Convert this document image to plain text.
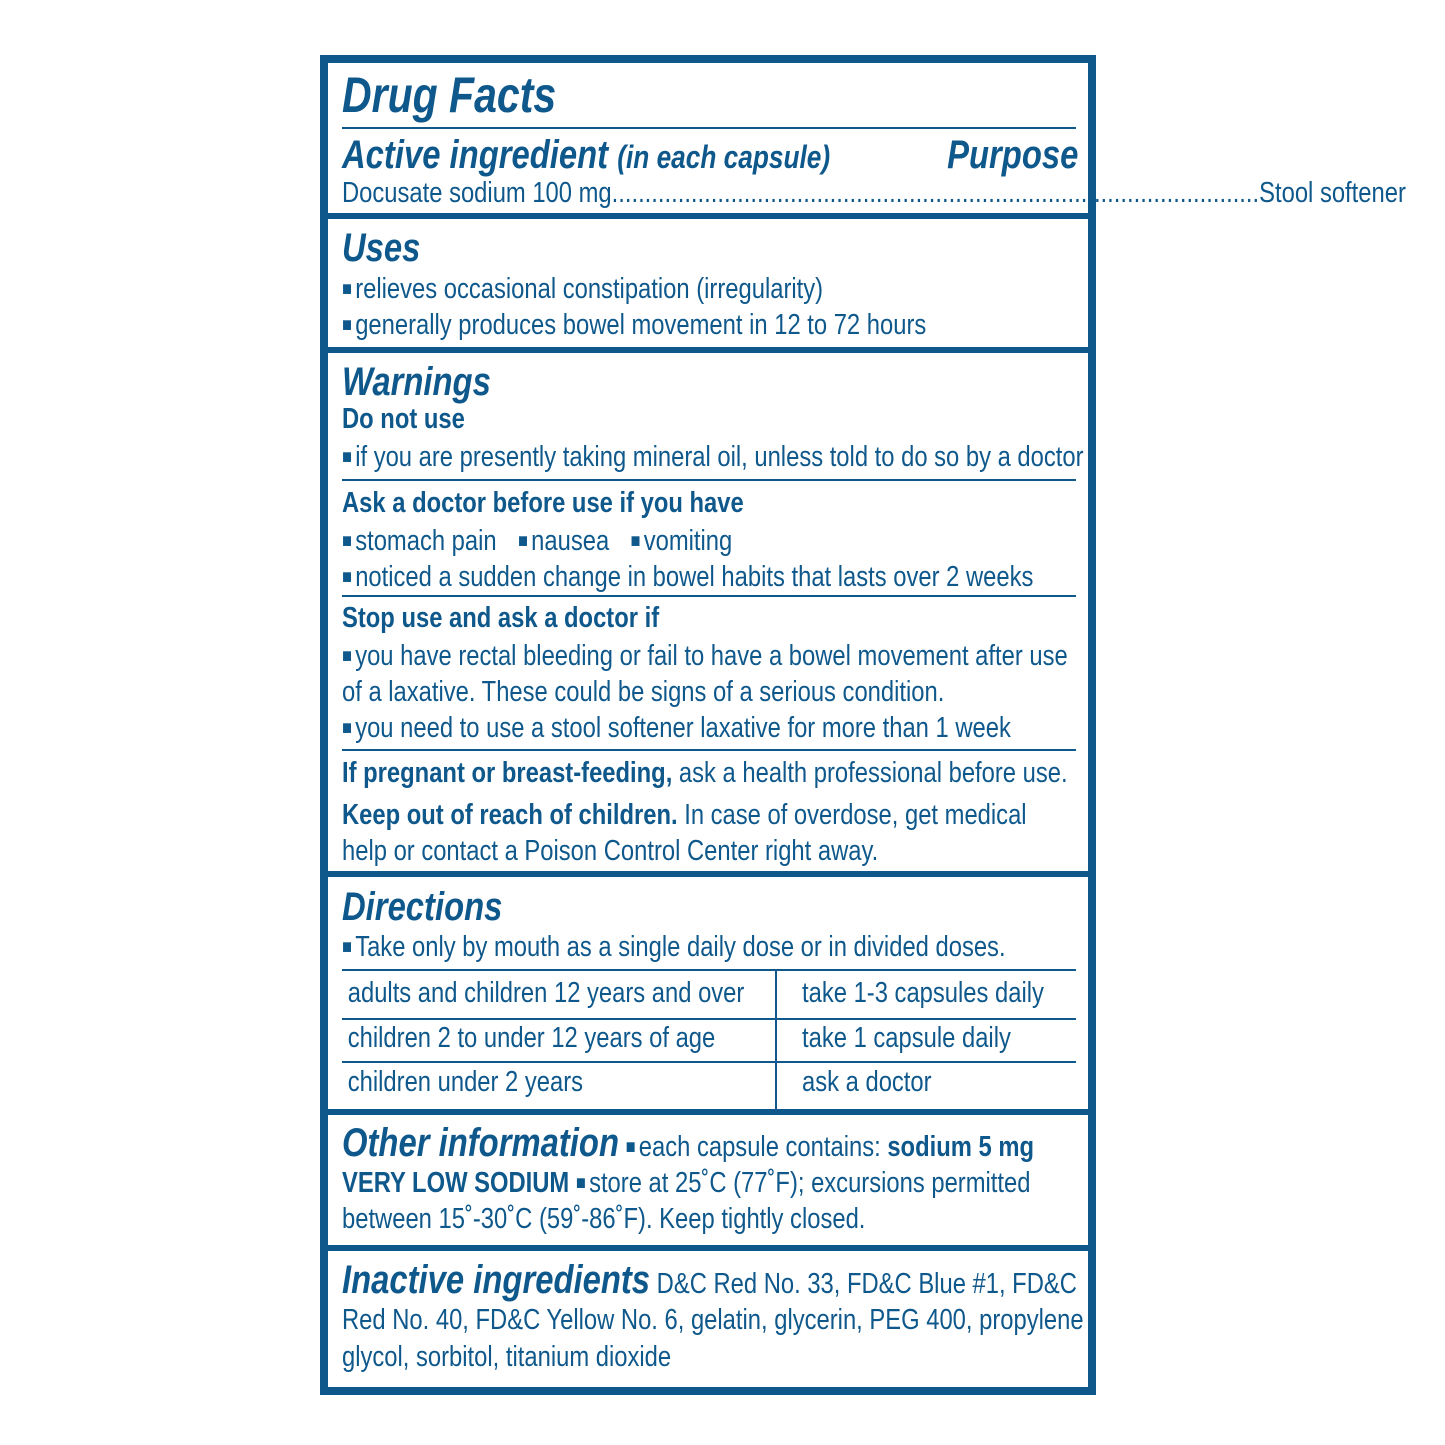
Drug Facts
Active ingredient (in each capsule)	Purpose
Docusate sodium 100 mg .................................................................................................. Stool softener
Uses
■ relieves occasional constipation (irregularity)
■ generally produces bowel movement in 12 to 72 hours
Warnings
Do not use
■ if you are presently taking mineral oil, unless told to do so by a doctor
Ask a doctor before use if you have
■ stomach pain ■ nausea ■ vomiting
■ noticed a sudden change in bowel habits that lasts over 2 weeks
Stop use and ask a doctor if
■ you have rectal bleeding or fail to have a bowel movement after use
of a laxative. These could be signs of a serious condition.
■ you need to use a stool softener laxative for more than 1 week
If pregnant or breast-feeding, ask a health professional before use.
Keep out of reach of children. In case of overdose, get medical
help or contact a Poison Control Center right away.
Directions
■ Take only by mouth as a single daily dose or in divided doses.
adults and children 12 years and over take 1-3 capsules daily
children 2 to under 12 years of age	take 1 capsule daily
children under 2 years	ask a doctor
Other information ■ each capsule contains: sodium 5 mg
VERY LOW SODIUM ■ store at 25˚C (77˚F); excursions permitted
between 15˚-30˚C (59˚-86˚F). Keep tightly closed.
Inactive ingredients D&C Red No. 33, FD&C Blue #1, FD&C
Red No. 40, FD&C Yellow No. 6, gelatin, glycerin, PEG 400, propylene
glycol, sorbitol, titanium dioxide
